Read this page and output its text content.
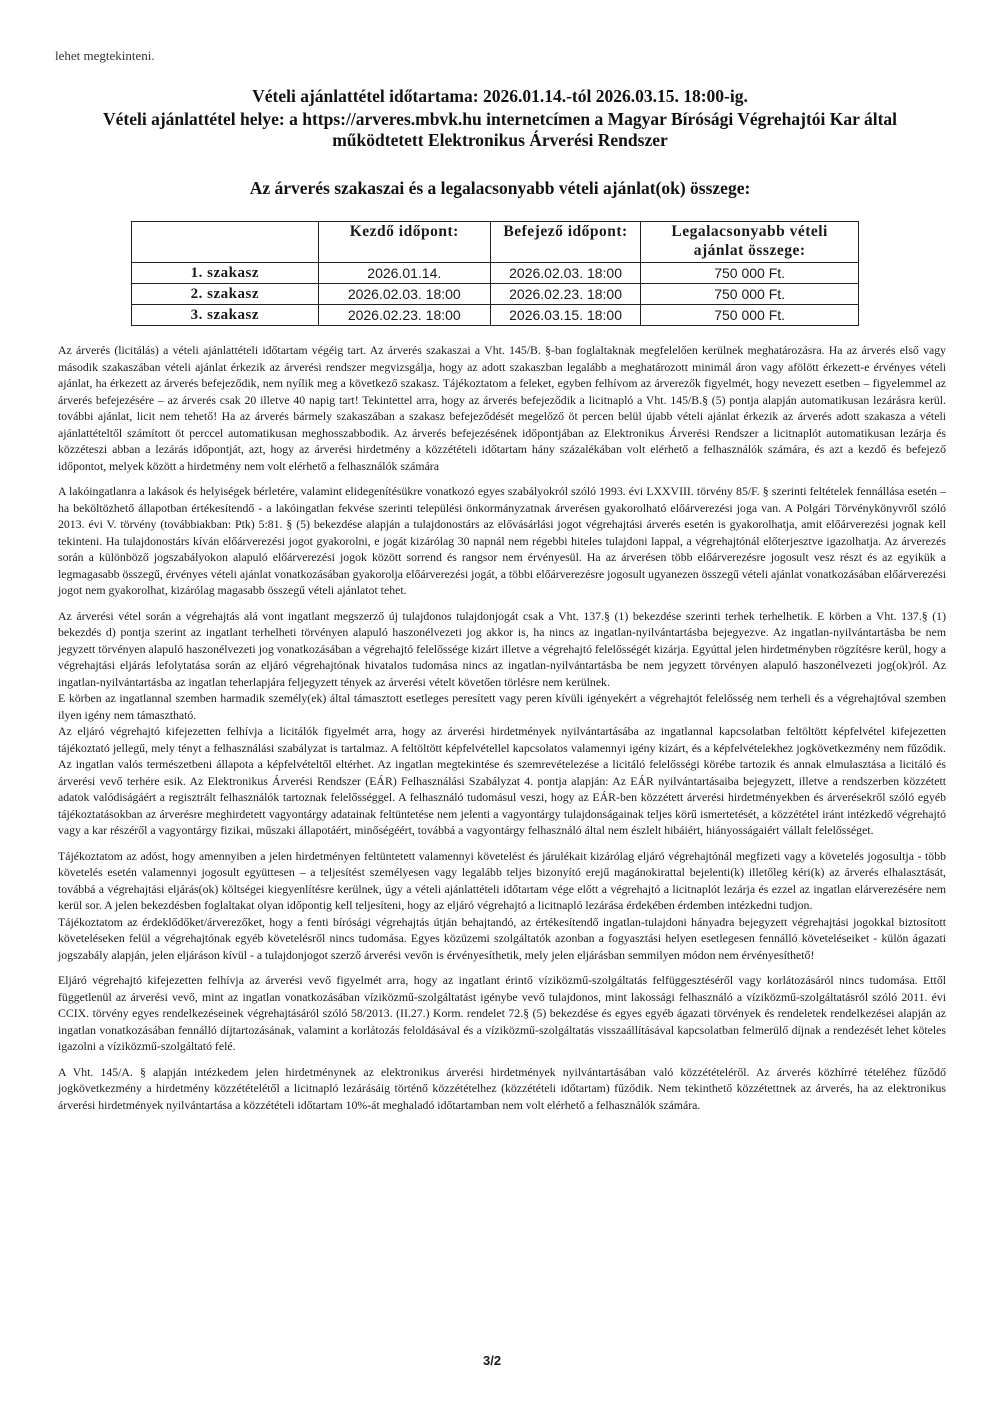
lehet megtekinteni.
Vételi ajánlattétel időtartama: 2026.01.14.-tól 2026.03.15. 18:00-ig.
Vételi ajánlattétel helye: a https://arveres.mbvk.hu internetcímen a Magyar Bírósági Végrehajtói Kar által működtetett Elektronikus Árverési Rendszer
Az árverés szakaszai és a legalacsonyabb vételi ajánlat(ok) összege:
	Kezdő időpont:	Befejező időpont:	Legalacsonyabb vételi ajánlat összege:
1. szakasz	2026.01.14.	2026.02.03. 18:00	750 000 Ft.
2. szakasz	2026.02.03. 18:00	2026.02.23. 18:00	750 000 Ft.
3. szakasz	2026.02.23. 18:00	2026.03.15. 18:00	750 000 Ft.

Az árverés (licitálás) a vételi ajánlattételi időtartam végéig tart. Az árverés szakaszai a Vht. 145/B. §-ban foglaltaknak megfelelően kerülnek meghatározásra. Ha az árverés első vagy második szakaszában vételi ajánlat érkezik az árverési rendszer megvizsgálja, hogy az adott szakaszban legalább a meghatározott minimál áron vagy afölött érkezett-e érvényes vételi ajánlat, ha érkezett az árverés befejeződik, nem nyílik meg a következő szakasz. Tájékoztatom a feleket, egyben felhívom az árverezők figyelmét, hogy nevezett esetben – figyelemmel az árverés befejezésére – az árverés csak 20 illetve 40 napig tart! Tekintettel arra, hogy az árverés befejeződik a licitnapló a Vht. 145/B.§ (5) pontja alapján automatikusan lezárásra kerül. további ajánlat, licit nem tehető! Ha az árverés bármely szakaszában a szakasz befejeződését megelőző öt percen belül újabb vételi ajánlat érkezik az árverés adott szakasza a vételi ajánlattételtől számított öt perccel automatikusan meghosszabbodik. Az árverés befejezésének időpontjában az Elektronikus Árverési Rendszer a licitnaplót automatikusan lezárja és közzéteszi abban a lezárás időpontját, azt, hogy az árverési hirdetmény a közzétételi időtartam hány százalékában volt elérhető a felhasználók számára, és azt a kezdő és befejező időpontot, melyek között a hirdetmény nem volt elérhető a felhasználók számára

A lakóingatlanra a lakások és helyiségek bérletére, valamint elidegenítésükre vonatkozó egyes szabályokról szóló 1993. évi LXXVIII. törvény 85/F. § szerinti feltételek fennállása esetén – ha beköltözhető állapotban értékesítendő - a lakóingatlan fekvése szerinti települési önkormányzatnak árverésen gyakorolható előárverezési joga van. A Polgári Törvénykönyvről szóló 2013. évi V. törvény (továbbiakban: Ptk) 5:81. § (5) bekezdése alapján a tulajdonostárs az elővásárlási jogot végrehajtási árverés esetén is gyakorolhatja, amit előárverezési jognak kell tekinteni. Ha tulajdonostárs kíván előárverezési jogot gyakorolni, e jogát kizárólag 30 napnál nem régebbi hiteles tulajdoni lappal, a végrehajtónál előterjesztve igazolhatja. Az árverezés során a különböző jogszabályokon alapuló előárverezési jogok között sorrend és rangsor nem érvényesül. Ha az árverésen több előárverezésre jogosult vesz részt és az egyikük a legmagasabb összegű, érvényes vételi ajánlat vonatkozásában gyakorolja előárverezési jogát, a többi előárverezésre jogosult ugyanezen összegű vételi ajánlat vonatkozásában előárverezési jogot nem gyakorolhat, kizárólag magasabb összegű vételi ajánlatot tehet.

Az árverési vétel során a végrehajtás alá vont ingatlant megszerző új tulajdonos tulajdonjogát csak a Vht. 137.§ (1) bekezdése szerinti terhek terhelhetik. E körben a Vht. 137.§ (1) bekezdés d) pontja szerint az ingatlant terhelheti törvényen alapuló haszonélvezeti jog akkor is, ha nincs az ingatlan-nyilvántartásba bejegyezve. Az ingatlan-nyilvántartásba be nem jegyzett törvényen alapuló haszonélvezeti jog vonatkozásában a végrehajtó felelőssége kizárt illetve a végrehajtó felelősségét kizárja. Egyúttal jelen hirdetményben rögzítésre kerül, hogy a végrehajtási eljárás lefolytatása során az eljáró végrehajtónak hivatalos tudomása nincs az ingatlan-nyilvántartásba be nem jegyzett törvényen alapuló haszonélvezeti jog(ok)ról. Az ingatlan-nyilvántartásba az ingatlan teherlapjára feljegyzett tények az árverési vételt követően törlésre nem kerülnek.

E körben az ingatlannal szemben harmadik személy(ek) által támasztott esetleges peresített vagy peren kívüli igényekért a végrehajtót felelősség nem terheli és a végrehajtóval szemben ilyen igény nem támasztható.

Az eljáró végrehajtó kifejezetten felhívja a licitálók figyelmét arra, hogy az árverési hirdetmények nyilvántartásába az ingatlannal kapcsolatban feltöltött képfelvétel kifejezetten tájékoztató jellegű, mely tényt a felhasználási szabályzat is tartalmaz. A feltöltött képfelvétellel kapcsolatos valamennyi igény kizárt, és a képfelvételekhez jogkövetkezmény nem fűződik. Az ingatlan valós természetbeni állapota a képfelvételtől eltérhet. Az ingatlan megtekintése és szemrevételezése a licitáló felelősségi körébe tartozik és annak elmulasztása a licitáló és árverési vevő terhére esik. Az Elektronikus Árverési Rendszer (EÁR) Felhasználási Szabályzat 4. pontja alapján: Az EÁR nyilvántartásaiba bejegyzett, illetve a rendszerben közzétett adatok valódiságáért a regisztrált felhasználók tartoznak felelősséggel. A felhasználó tudomásul veszi, hogy az EÁR-ben közzétett árverési hirdetményekben és árverésekről szóló egyéb tájékoztatásokban az árverésre meghirdetett vagyontárgy adatainak feltüntetése nem jelenti a vagyontárgy tulajdonságainak teljes körű ismertetését, a közzététel iránt intézkedő végrehajtó vagy a kar részéről a vagyontárgy fizikai, műszaki állapotáért, minőségéért, továbbá a vagyontárgy felhasználó által nem észlelt hibáiért, hiányosságaiért vállalt felelősséget.

Tájékoztatom az adóst, hogy amennyiben a jelen hirdetményen feltüntetett valamennyi követelést és járulékait kizárólag eljáró végrehajtónál megfizeti vagy a követelés jogosultja - több követelés esetén valamennyi jogosult együttesen – a teljesítést személyesen vagy legalább teljes bizonyító erejű magánokirattal bejelenti(k) illetőleg kéri(k) az árverés elhalasztását, továbbá a végrehajtási eljárás(ok) költségei kiegyenlítésre kerülnek, úgy a vételi ajánlattételi időtartam vége előtt a végrehajtó a licitnaplót lezárja és ezzel az ingatlan elárverezésére nem kerül sor. A jelen bekezdésben foglaltakat olyan időpontig kell teljesíteni, hogy az eljáró végrehajtó a licitnapló lezárása érdekében érdemben intézkedni tudjon.

Tájékoztatom az érdeklődőket/árverezőket, hogy a fenti bírósági végrehajtás útján behajtandó, az értékesítendő ingatlan-tulajdoni hányadra bejegyzett végrehajtási jogokkal biztosított követeléseken felül a végrehajtónak egyéb követelésről nincs tudomása. Egyes közüzemi szolgáltatók azonban a fogyasztási helyen esetlegesen fennálló követeléseiket - külön ágazati jogszabály alapján, jelen eljáráson kívül - a tulajdonjogot szerző árverési vevőn is érvényesíthetik, mely jelen eljárásban semmilyen módon nem érvényesíthető!

Eljáró végrehajtó kifejezetten felhívja az árverési vevő figyelmét arra, hogy az ingatlant érintő víziközmű-szolgáltatás felfüggesztéséről vagy korlátozásáról nincs tudomása. Ettől függetlenül az árverési vevő, mint az ingatlan vonatkozásában víziközmű-szolgáltatást igénybe vevő tulajdonos, mint lakossági felhasználó a víziközmű-szolgáltatásról szóló 2011. évi CCIX. törvény egyes rendelkezéseinek végrehajtásáról szóló 58/2013. (II.27.) Korm. rendelet 72.§ (5) bekezdése és egyes egyéb ágazati törvények és rendeletek rendelkezései alapján az ingatlan vonatkozásában fennálló díjtartozásának, valamint a korlátozás feloldásával és a víziközmű-szolgáltatás visszaállításával kapcsolatban felmerülő díjnak a rendezését lehet köteles igazolni a víziközmű-szolgáltató felé.

A Vht. 145/A. § alapján intézkedem jelen hirdetménynek az elektronikus árverési hirdetmények nyilvántartásában való közzétételéről. Az árverés közhírré tételéhez fűződő jogkövetkezmény a hirdetmény közzétételétől a licitnapló lezárásáig történő közzétételhez (közzétételi időtartam) fűződik. Nem tekinthető közzétettnek az árverés, ha az elektronikus árverési hirdetmények nyilvántartása a közzétételi időtartam 10%-át meghaladó időtartamban nem volt elérhető a felhasználók számára.

3/2
